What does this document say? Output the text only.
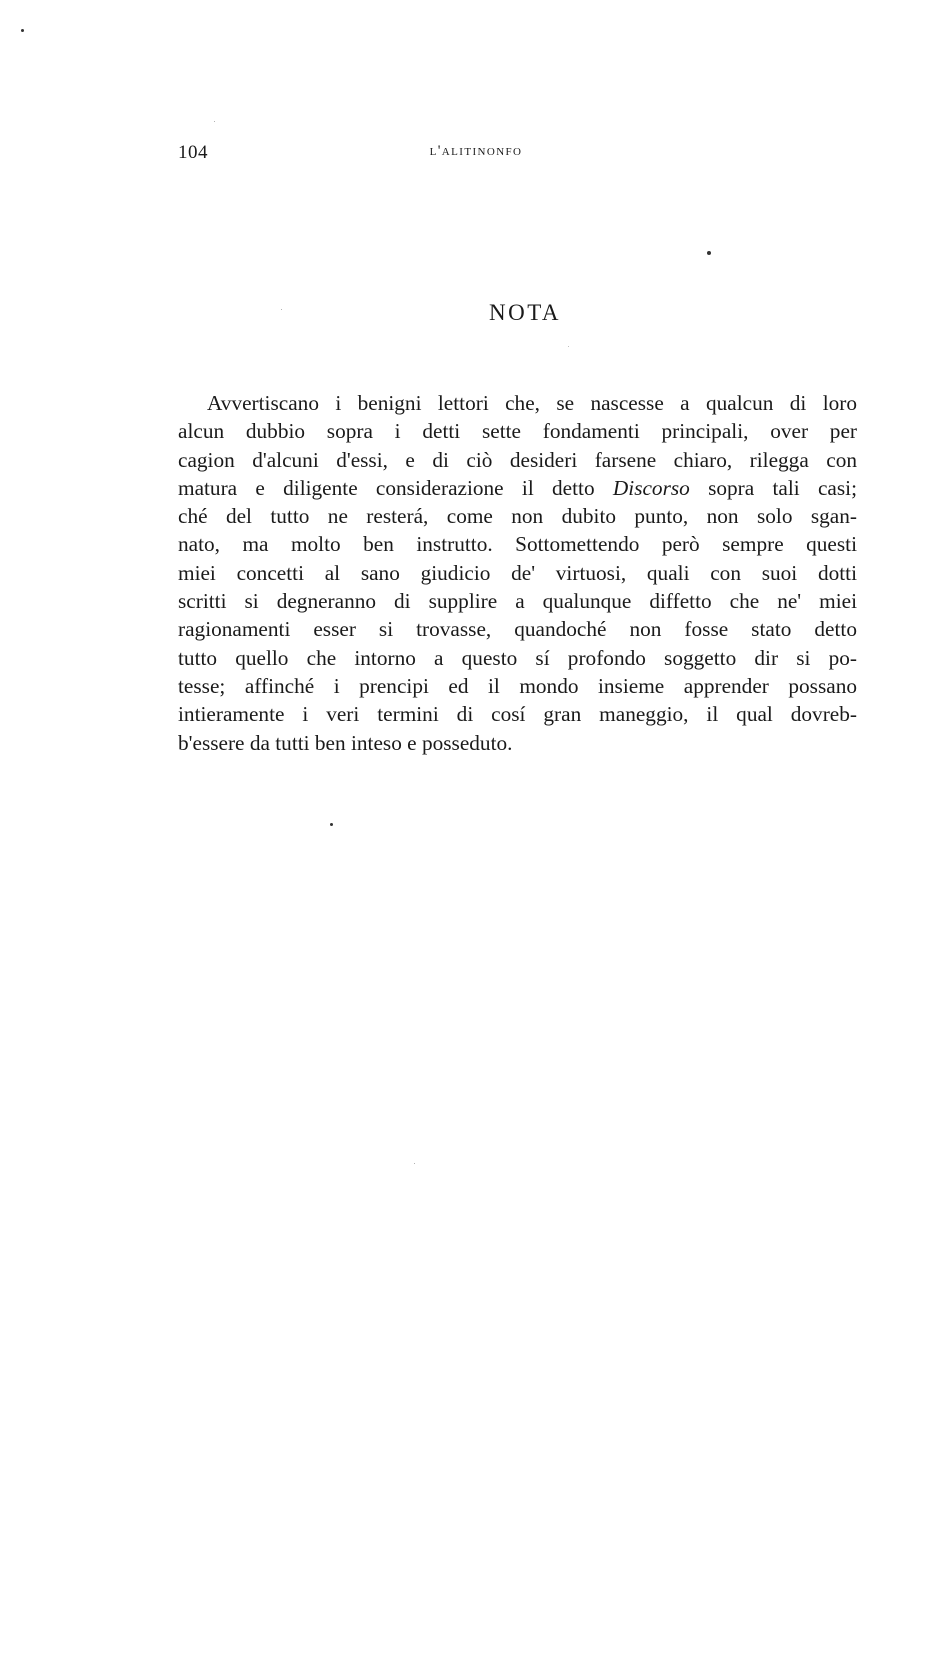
104	l'alitinonfo
NOTA
Avvertiscano i benigni lettori che, se nascesse a qualcun di loro
alcun dubbio sopra i detti sette fondamenti principali, over per
cagion d'alcuni d'essi, e di ciò desideri farsene chiaro, rilegga con
matura e diligente considerazione il detto Discorso sopra tali casi;
ché del tutto ne resterá, come non dubito punto, non solo sgan-
nato, ma molto ben instrutto. Sottomettendo però sempre questi
miei concetti al sano giudicio de' virtuosi, quali con suoi dotti
scritti si degneranno di supplire a qualunque diffetto che ne' miei
ragionamenti esser si trovasse, quandoché non fosse stato detto
tutto quello che intorno a questo sí profondo soggetto dir si po-
tesse; affinché i prencipi ed il mondo insieme apprender possano
intieramente i veri termini di cosí gran maneggio, il qual dovreb-
b'essere da tutti ben inteso e posseduto.
